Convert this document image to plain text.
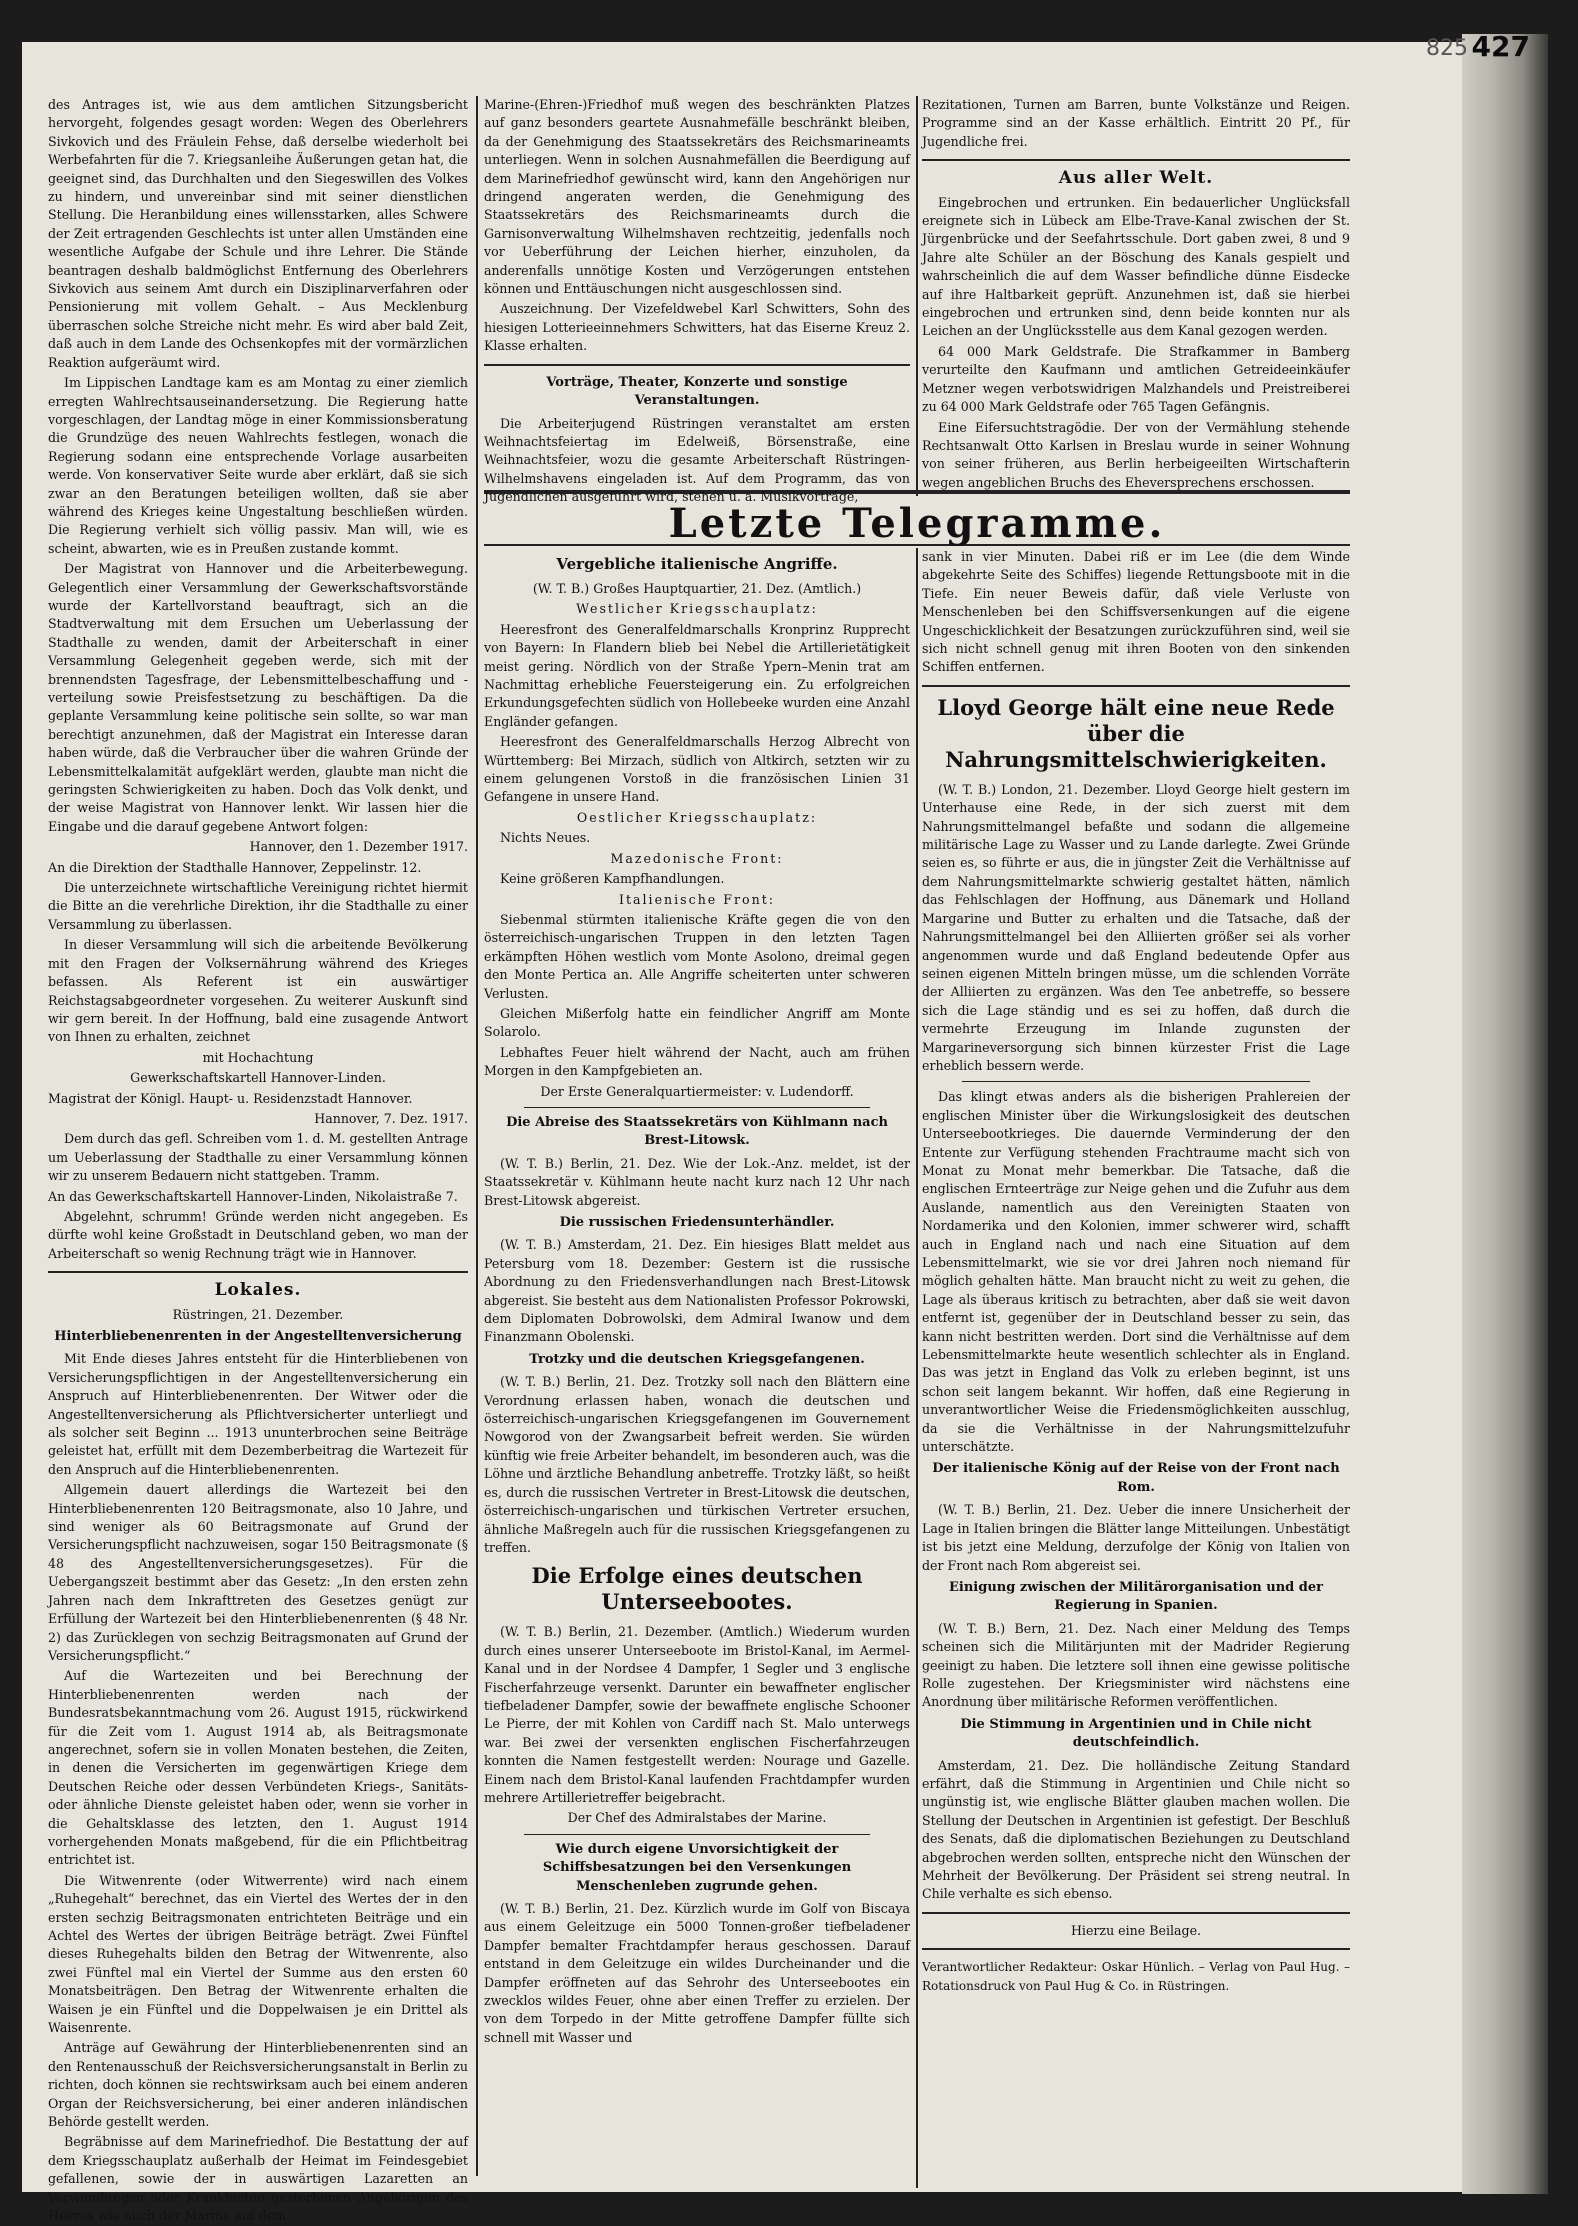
825 427
Letzte Telegramme.

des Antrages ist, wie aus dem amtlichen Sitzungsbericht hervorgeht, folgendes gesagt worden: Wegen des Oberlehrers Sivkovich und des Fräulein Fehse, daß derselbe wiederholt bei Werbefahrten für die 7. Kriegsanleihe Äußerungen getan hat, die geeignet sind, das Durchhalten und den Siegeswillen des Volkes zu hindern, und unvereinbar sind mit seiner dienstlichen Stellung. Die Heranbildung eines willensstarken, alles Schwere der Zeit ertragenden Geschlechts ist unter allen Umständen eine wesentliche Aufgabe der Schule und ihre Lehrer. Die Stände beantragen deshalb baldmöglichst Entfernung des Oberlehrers Sivkovich aus seinem Amt durch ein Disziplinarverfahren oder Pensionierung mit vollem Gehalt. – Aus Mecklenburg überraschen solche Streiche nicht mehr. Es wird aber bald Zeit, daß auch in dem Lande des Ochsenkopfes mit der vormärzlichen Reaktion aufgeräumt wird.

Im Lippischen Landtage kam es am Montag zu einer ziemlich erregten Wahlrechtsauseinandersetzung. Die Regierung hatte vorgeschlagen, der Landtag möge in einer Kommissionsberatung die Grundzüge des neuen Wahlrechts festlegen, wonach die Regierung sodann eine entsprechende Vorlage ausarbeiten werde. Von konservativer Seite wurde aber erklärt, daß sie sich zwar an den Beratungen beteiligen wollten, daß sie aber während des Krieges keine Ungestaltung beschließen würden. Die Regierung verhielt sich völlig passiv. Man will, wie es scheint, abwarten, wie es in Preußen zustande kommt.

Der Magistrat von Hannover und die Arbeiterbewegung. Gelegentlich einer Versammlung der Gewerkschaftsvorstände wurde der Kartellvorstand beauftragt, sich an die Stadtverwaltung mit dem Ersuchen um Ueberlassung der Stadthalle zu wenden, damit der Arbeiterschaft in einer Versammlung Gelegenheit gegeben werde, sich mit der brennendsten Tagesfrage, der Lebensmittelbeschaffung und -verteilung sowie Preisfestsetzung zu beschäftigen. Da die geplante Versammlung keine politische sein sollte, so war man berechtigt anzunehmen, daß der Magistrat ein Interesse daran haben würde, daß die Verbraucher über die wahren Gründe der Lebensmittelkalamität aufgeklärt werden, glaubte man nicht die geringsten Schwierigkeiten zu haben. Doch das Volk denkt, und der weise Magistrat von Hannover lenkt. Wir lassen hier die Eingabe und die darauf gegebene Antwort folgen:

Hannover, den 1. Dezember 1917.

An die Direktion der Stadthalle Hannover, Zeppelinstr. 12.

Die unterzeichnete wirtschaftliche Vereinigung richtet hiermit die Bitte an die verehrliche Direktion, ihr die Stadthalle zu einer Versammlung zu überlassen.

In dieser Versammlung will sich die arbeitende Bevölkerung mit den Fragen der Volksernährung während des Krieges befassen. Als Referent ist ein auswärtiger Reichstagsabgeordneter vorgesehen. Zu weiterer Auskunft sind wir gern bereit. In der Hoffnung, bald eine zusagende Antwort von Ihnen zu erhalten, zeichnet

mit Hochachtung

Gewerkschaftskartell Hannover-Linden.

Magistrat der Königl. Haupt- u. Residenzstadt Hannover.

Hannover, 7. Dez. 1917.

Dem durch das gefl. Schreiben vom 1. d. M. gestellten Antrage um Ueberlassung der Stadthalle zu einer Versammlung können wir zu unserem Bedauern nicht stattgeben. Tramm.

An das Gewerkschaftskartell Hannover-Linden, Nikolaistraße 7.

Abgelehnt, schrumm! Gründe werden nicht angegeben. Es dürfte wohl keine Großstadt in Deutschland geben, wo man der Arbeiterschaft so wenig Rechnung trägt wie in Hannover.

Lokales.

Rüstringen, 21. Dezember.

Hinterbliebenenrenten in der Angestelltenversicherung

Mit Ende dieses Jahres entsteht für die Hinterbliebenen von Versicherungspflichtigen in der Angestelltenversicherung ein Anspruch auf Hinterbliebenenrenten. Der Witwer oder die Angestelltenversicherung als Pflichtversicherter unterliegt und als solcher seit Beginn ... 1913 ununterbrochen seine Beiträge geleistet hat, erfüllt mit dem Dezemberbeitrag die Wartezeit für den Anspruch auf die Hinterbliebenenrenten.

Allgemein dauert allerdings die Wartezeit bei den Hinterbliebenenrenten 120 Beitragsmonate, also 10 Jahre, und sind weniger als 60 Beitragsmonate auf Grund der Versicherungspflicht nachzuweisen, sogar 150 Beitragsmonate (§ 48 des Angestelltenversicherungsgesetzes). Für die Uebergangszeit bestimmt aber das Gesetz: „In den ersten zehn Jahren nach dem Inkrafttreten des Gesetzes genügt zur Erfüllung der Wartezeit bei den Hinterbliebenenrenten (§ 48 Nr. 2) das Zurücklegen von sechzig Beitragsmonaten auf Grund der Versicherungspflicht.“

Auf die Wartezeiten und bei Berechnung der Hinterbliebenenrenten werden nach der Bundesratsbekanntmachung vom 26. August 1915, rückwirkend für die Zeit vom 1. August 1914 ab, als Beitragsmonate angerechnet, sofern sie in vollen Monaten bestehen, die Zeiten, in denen die Versicherten im gegenwärtigen Kriege dem Deutschen Reiche oder dessen Verbündeten Kriegs-, Sanitäts- oder ähnliche Dienste geleistet haben oder, wenn sie vorher in die Gehaltsklasse des letzten, den 1. August 1914 vorhergehenden Monats maßgebend, für die ein Pflichtbeitrag entrichtet ist.

Die Witwenrente (oder Witwerrente) wird nach einem „Ruhegehalt“ berechnet, das ein Viertel des Wertes der in den ersten sechzig Beitragsmonaten entrichteten Beiträge und ein Achtel des Wertes der übrigen Beiträge beträgt. Zwei Fünftel dieses Ruhegehalts bilden den Betrag der Witwenrente, also zwei Fünftel mal ein Viertel der Summe aus den ersten 60 Monatsbeiträgen. Den Betrag der Witwenrente erhalten die Waisen je ein Fünftel und die Doppelwaisen je ein Drittel als Waisenrente.

Anträge auf Gewährung der Hinterbliebenenrenten sind an den Rentenausschuß der Reichsversicherungsanstalt in Berlin zu richten, doch können sie rechtswirksam auch bei einem anderen Organ der Reichsversicherung, bei einer anderen inländischen Behörde gestellt werden.

Begräbnisse auf dem Marinefriedhof. Die Bestattung der auf dem Kriegsschauplatz außerhalb der Heimat im Feindesgebiet gefallenen, sowie der in auswärtigen Lazaretten an Verwundungen oder Krankheiten gestorbenen Angehörigen des Heeres wie auch der Marine auf dem

Marine-(Ehren-)Friedhof muß wegen des beschränkten Platzes auf ganz besonders geartete Ausnahmefälle beschränkt bleiben, da der Genehmigung des Staatssekretärs des Reichsmarineamts unterliegen. Wenn in solchen Ausnahmefällen die Beerdigung auf dem Marinefriedhof gewünscht wird, kann den Angehörigen nur dringend angeraten werden, die Genehmigung des Staatssekretärs des Reichsmarineamts durch die Garnisonverwaltung Wilhelmshaven rechtzeitig, jedenfalls noch vor Ueberführung der Leichen hierher, einzuholen, da anderenfalls unnötige Kosten und Verzögerungen entstehen können und Enttäuschungen nicht ausgeschlossen sind.

Auszeichnung. Der Vizefeldwebel Karl Schwitters, Sohn des hiesigen Lotterieeinnehmers Schwitters, hat das Eiserne Kreuz 2. Klasse erhalten.

Vorträge, Theater, Konzerte und sonstige Veranstaltungen.

Die Arbeiterjugend Rüstringen veranstaltet am ersten Weihnachtsfeiertag im Edelweiß, Börsenstraße, eine Weihnachtsfeier, wozu die gesamte Arbeiterschaft Rüstringen-Wilhelmshavens eingeladen ist. Auf dem Programm, das von Jugendlichen ausgeführt wird, stehen u. a. Musikvorträge,

Rezitationen, Turnen am Barren, bunte Volkstänze und Reigen. Programme sind an der Kasse erhältlich. Eintritt 20 Pf., für Jugendliche frei.

Aus aller Welt.

Eingebrochen und ertrunken. Ein bedauerlicher Unglücksfall ereignete sich in Lübeck am Elbe-Trave-Kanal zwischen der St. Jürgenbrücke und der Seefahrtsschule. Dort gaben zwei, 8 und 9 Jahre alte Schüler an der Böschung des Kanals gespielt und wahrscheinlich die auf dem Wasser befindliche dünne Eisdecke auf ihre Haltbarkeit geprüft. Anzunehmen ist, daß sie hierbei eingebrochen und ertrunken sind, denn beide konnten nur als Leichen an der Unglücksstelle aus dem Kanal gezogen werden.

64 000 Mark Geldstrafe. Die Strafkammer in Bamberg verurteilte den Kaufmann und amtlichen Getreideeinkäufer Metzner wegen verbotswidrigen Malzhandels und Preistreiberei zu 64 000 Mark Geldstrafe oder 765 Tagen Gefängnis.

Eine Eifersuchtstragödie. Der von der Vermählung stehende Rechtsanwalt Otto Karlsen in Breslau wurde in seiner Wohnung von seiner früheren, aus Berlin herbeigeeilten Wirtschafterin wegen angeblichen Bruchs des Eheversprechens erschossen.

Vergebliche italienische Angriffe.

(W. T. B.) Großes Hauptquartier, 21. Dez. (Amtlich.)

Westlicher Kriegsschauplatz:

Heeresfront des Generalfeldmarschalls Kronprinz Rupprecht von Bayern: In Flandern blieb bei Nebel die Artillerietätigkeit meist gering. Nördlich von der Straße Ypern–Menin trat am Nachmittag erhebliche Feuersteigerung ein. Zu erfolgreichen Erkundungsgefechten südlich von Hollebeeke wurden eine Anzahl Engländer gefangen.

Heeresfront des Generalfeldmarschalls Herzog Albrecht von Württemberg: Bei Mirzach, südlich von Altkirch, setzten wir zu einem gelungenen Vorstoß in die französischen Linien 31 Gefangene in unsere Hand.

Oestlicher Kriegsschauplatz:

Nichts Neues.

Mazedonische Front:

Keine größeren Kampfhandlungen.

Italienische Front:

Siebenmal stürmten italienische Kräfte gegen die von den österreichisch-ungarischen Truppen in den letzten Tagen erkämpften Höhen westlich vom Monte Asolono, dreimal gegen den Monte Pertica an. Alle Angriffe scheiterten unter schweren Verlusten.

Gleichen Mißerfolg hatte ein feindlicher Angriff am Monte Solarolo.

Lebhaftes Feuer hielt während der Nacht, auch am frühen Morgen in den Kampfgebieten an.

Der Erste Generalquartiermeister: v. Ludendorff.

Die Abreise des Staatssekretärs von Kühlmann nach Brest-Litowsk.

(W. T. B.) Berlin, 21. Dez. Wie der Lok.-Anz. meldet, ist der Staatssekretär v. Kühlmann heute nacht kurz nach 12 Uhr nach Brest-Litowsk abgereist.

Die russischen Friedensunterhändler.

(W. T. B.) Amsterdam, 21. Dez. Ein hiesiges Blatt meldet aus Petersburg vom 18. Dezember: Gestern ist die russische Abordnung zu den Friedensverhandlungen nach Brest-Litowsk abgereist. Sie besteht aus dem Nationalisten Professor Pokrowski, dem Diplomaten Dobrowolski, dem Admiral Iwanow und dem Finanzmann Obolenski.

Trotzky und die deutschen Kriegsgefangenen.

(W. T. B.) Berlin, 21. Dez. Trotzky soll nach den Blättern eine Verordnung erlassen haben, wonach die deutschen und österreichisch-ungarischen Kriegsgefangenen im Gouvernement Nowgorod von der Zwangsarbeit befreit werden. Sie würden künftig wie freie Arbeiter behandelt, im besonderen auch, was die Löhne und ärztliche Behandlung anbetreffe. Trotzky läßt, so heißt es, durch die russischen Vertreter in Brest-Litowsk die deutschen, österreichisch-ungarischen und türkischen Vertreter ersuchen, ähnliche Maßregeln auch für die russischen Kriegsgefangenen zu treffen.

Die Erfolge eines deutschen Unterseebootes.

(W. T. B.) Berlin, 21. Dezember. (Amtlich.) Wiederum wurden durch eines unserer Unterseeboote im Bristol-Kanal, im Aermel-Kanal und in der Nordsee 4 Dampfer, 1 Segler und 3 englische Fischerfahrzeuge versenkt. Darunter ein bewaffneter englischer tiefbeladener Dampfer, sowie der bewaffnete englische Schooner Le Pierre, der mit Kohlen von Cardiff nach St. Malo unterwegs war. Bei zwei der versenkten englischen Fischerfahrzeugen konnten die Namen festgestellt werden: Nourage und Gazelle. Einem nach dem Bristol-Kanal laufenden Frachtdampfer wurden mehrere Artillerietreffer beigebracht.

Der Chef des Admiralstabes der Marine.

Wie durch eigene Unvorsichtigkeit der Schiffsbesatzungen bei den Versenkungen Menschenleben zugrunde gehen.

(W. T. B.) Berlin, 21. Dez. Kürzlich wurde im Golf von Biscaya aus einem Geleitzuge ein 5000 Tonnen-großer tiefbeladener Dampfer bemalter Frachtdampfer heraus geschossen. Darauf entstand in dem Geleitzuge ein wildes Durcheinander und die Dampfer eröffneten auf das Sehrohr des Unterseebootes ein zwecklos wildes Feuer, ohne aber einen Treffer zu erzielen. Der von dem Torpedo in der Mitte getroffene Dampfer füllte sich schnell mit Wasser und

sank in vier Minuten. Dabei riß er im Lee (die dem Winde abgekehrte Seite des Schiffes) liegende Rettungsboote mit in die Tiefe. Ein neuer Beweis dafür, daß viele Verluste von Menschenleben bei den Schiffsversenkungen auf die eigene Ungeschicklichkeit der Besatzungen zurückzuführen sind, weil sie sich nicht schnell genug mit ihren Booten von den sinkenden Schiffen entfernen.

Lloyd George hält eine neue Rede über die Nahrungsmittelschwierigkeiten.

(W. T. B.) London, 21. Dezember. Lloyd George hielt gestern im Unterhause eine Rede, in der sich zuerst mit dem Nahrungsmittelmangel befaßte und sodann die allgemeine militärische Lage zu Wasser und zu Lande darlegte. Zwei Gründe seien es, so führte er aus, die in jüngster Zeit die Verhältnisse auf dem Nahrungsmittelmarkte schwierig gestaltet hätten, nämlich das Fehlschlagen der Hoffnung, aus Dänemark und Holland Margarine und Butter zu erhalten und die Tatsache, daß der Nahrungsmittelmangel bei den Alliierten größer sei als vorher angenommen wurde und daß England bedeutende Opfer aus seinen eigenen Mitteln bringen müsse, um die schlenden Vorräte der Alliierten zu ergänzen. Was den Tee anbetreffe, so bessere sich die Lage ständig und es sei zu hoffen, daß durch die vermehrte Erzeugung im Inlande zugunsten der Margarineversorgung sich binnen kürzester Frist die Lage erheblich bessern werde.

Das klingt etwas anders als die bisherigen Prahlereien der englischen Minister über die Wirkungslosigkeit des deutschen Unterseebootkrieges. Die dauernde Verminderung der den Entente zur Verfügung stehenden Frachtraume macht sich von Monat zu Monat mehr bemerkbar. Die Tatsache, daß die englischen Ernteerträge zur Neige gehen und die Zufuhr aus dem Auslande, namentlich aus den Vereinigten Staaten von Nordamerika und den Kolonien, immer schwerer wird, schafft auch in England nach und nach eine Situation auf dem Lebensmittelmarkt, wie sie vor drei Jahren noch niemand für möglich gehalten hätte. Man braucht nicht zu weit zu gehen, die Lage als überaus kritisch zu betrachten, aber daß sie weit davon entfernt ist, gegenüber der in Deutschland besser zu sein, das kann nicht bestritten werden. Dort sind die Verhältnisse auf dem Lebensmittelmarkte heute wesentlich schlechter als in England. Das was jetzt in England das Volk zu erleben beginnt, ist uns schon seit langem bekannt. Wir hoffen, daß eine Regierung in unverantwortlicher Weise die Friedensmöglichkeiten ausschlug, da sie die Verhältnisse in der Nahrungsmittelzufuhr unterschätzte.

Der italienische König auf der Reise von der Front nach Rom.

(W. T. B.) Berlin, 21. Dez. Ueber die innere Unsicherheit der Lage in Italien bringen die Blätter lange Mitteilungen. Unbestätigt ist bis jetzt eine Meldung, derzufolge der König von Italien von der Front nach Rom abgereist sei.

Einigung zwischen der Militärorganisation und der Regierung in Spanien.

(W. T. B.) Bern, 21. Dez. Nach einer Meldung des Temps scheinen sich die Militärjunten mit der Madrider Regierung geeinigt zu haben. Die letztere soll ihnen eine gewisse politische Rolle zugestehen. Der Kriegsminister wird nächstens eine Anordnung über militärische Reformen veröffentlichen.

Die Stimmung in Argentinien und in Chile nicht deutschfeindlich.

Amsterdam, 21. Dez. Die holländische Zeitung Standard erfährt, daß die Stimmung in Argentinien und Chile nicht so ungünstig ist, wie englische Blätter glauben machen wollen. Die Stellung der Deutschen in Argentinien ist gefestigt. Der Beschluß des Senats, daß die diplomatischen Beziehungen zu Deutschland abgebrochen werden sollten, entspreche nicht den Wünschen der Mehrheit der Bevölkerung. Der Präsident sei streng neutral. In Chile verhalte es sich ebenso.

Hierzu eine Beilage.

Verantwortlicher Redakteur: Oskar Hünlich. – Verlag von Paul Hug. – Rotationsdruck von Paul Hug & Co. in Rüstringen.
